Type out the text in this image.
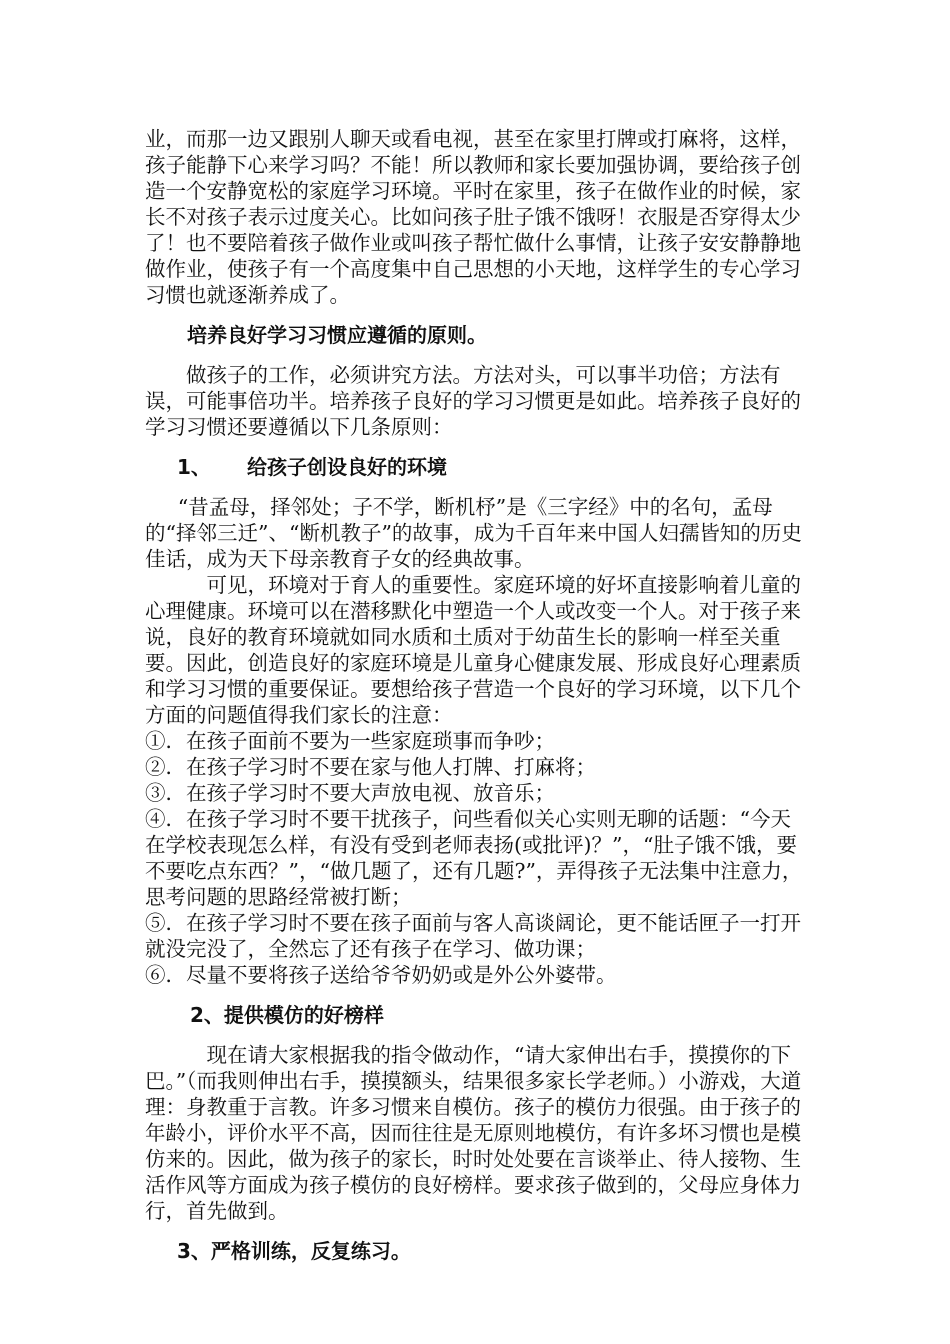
业，而那一边又跟别人聊天或看电视，甚至在家里打牌或打麻将，这样，孩子能静下心来学习吗？不能！所以教师和家长要加强协调，要给孩子创造一个安静宽松的家庭学习环境。平时在家里，孩子在做作业的时候，家长不对孩子表示过度关心。比如问孩子肚子饿不饿呀！衣服是否穿得太少了！也不要陪着孩子做作业或叫孩子帮忙做什么事情，让孩子安安静静地做作业，使孩子有一个高度集中自己思想的小天地，这样学生的专心学习习惯也就逐渐养成了。

培养良好学习习惯应遵循的原则。

做孩子的工作，必须讲究方法。方法对头，可以事半功倍；方法有误，可能事倍功半。培养孩子良好的学习习惯更是如此。培养孩子良好的学习习惯还要遵循以下几条原则：

1、 给孩子创设良好的环境

“昔孟母，择邻处；子不学，断机杼”是《三字经》中的名句，孟母的“择邻三迁”、“断机教子”的故事，成为千百年来中国人妇孺皆知的历史佳话，成为天下母亲教育子女的经典故事。

可见，环境对于育人的重要性。家庭环境的好坏直接影响着儿童的心理健康。环境可以在潜移默化中塑造一个人或改变一个人。对于孩子来说，良好的教育环境就如同水质和土质对于幼苗生长的影响一样至关重要。因此，创造良好的家庭环境是儿童身心健康发展、形成良好心理素质和学习习惯的重要保证。要想给孩子营造一个良好的学习环境，以下几个方面的问题值得我们家长的注意：

①．在孩子面前不要为一些家庭琐事而争吵；

②．在孩子学习时不要在家与他人打牌、打麻将；

③．在孩子学习时不要大声放电视、放音乐；

④．在孩子学习时不要干扰孩子，问些看似关心实则无聊的话题：“今天在学校表现怎么样，有没有受到老师表扬(或批评)？”，“肚子饿不饿，要不要吃点东西？”，“做几题了，还有几题?”，弄得孩子无法集中注意力，思考问题的思路经常被打断；

⑤．在孩子学习时不要在孩子面前与客人高谈阔论，更不能话匣子一打开就没完没了，全然忘了还有孩子在学习、做功课；

⑥．尽量不要将孩子送给爷爷奶奶或是外公外婆带。

2、提供模仿的好榜样

现在请大家根据我的指令做动作，“请大家伸出右手，摸摸你的下巴。”（而我则伸出右手，摸摸额头，结果很多家长学老师。）小游戏，大道理：身教重于言教。许多习惯来自模仿。孩子的模仿力很强。由于孩子的年龄小，评价水平不高，因而往往是无原则地模仿，有许多坏习惯也是模仿来的。因此，做为孩子的家长，时时处处要在言谈举止、待人接物、生活作风等方面成为孩子模仿的良好榜样。要求孩子做到的，父母应身体力行，首先做到。

3、严格训练，反复练习。
